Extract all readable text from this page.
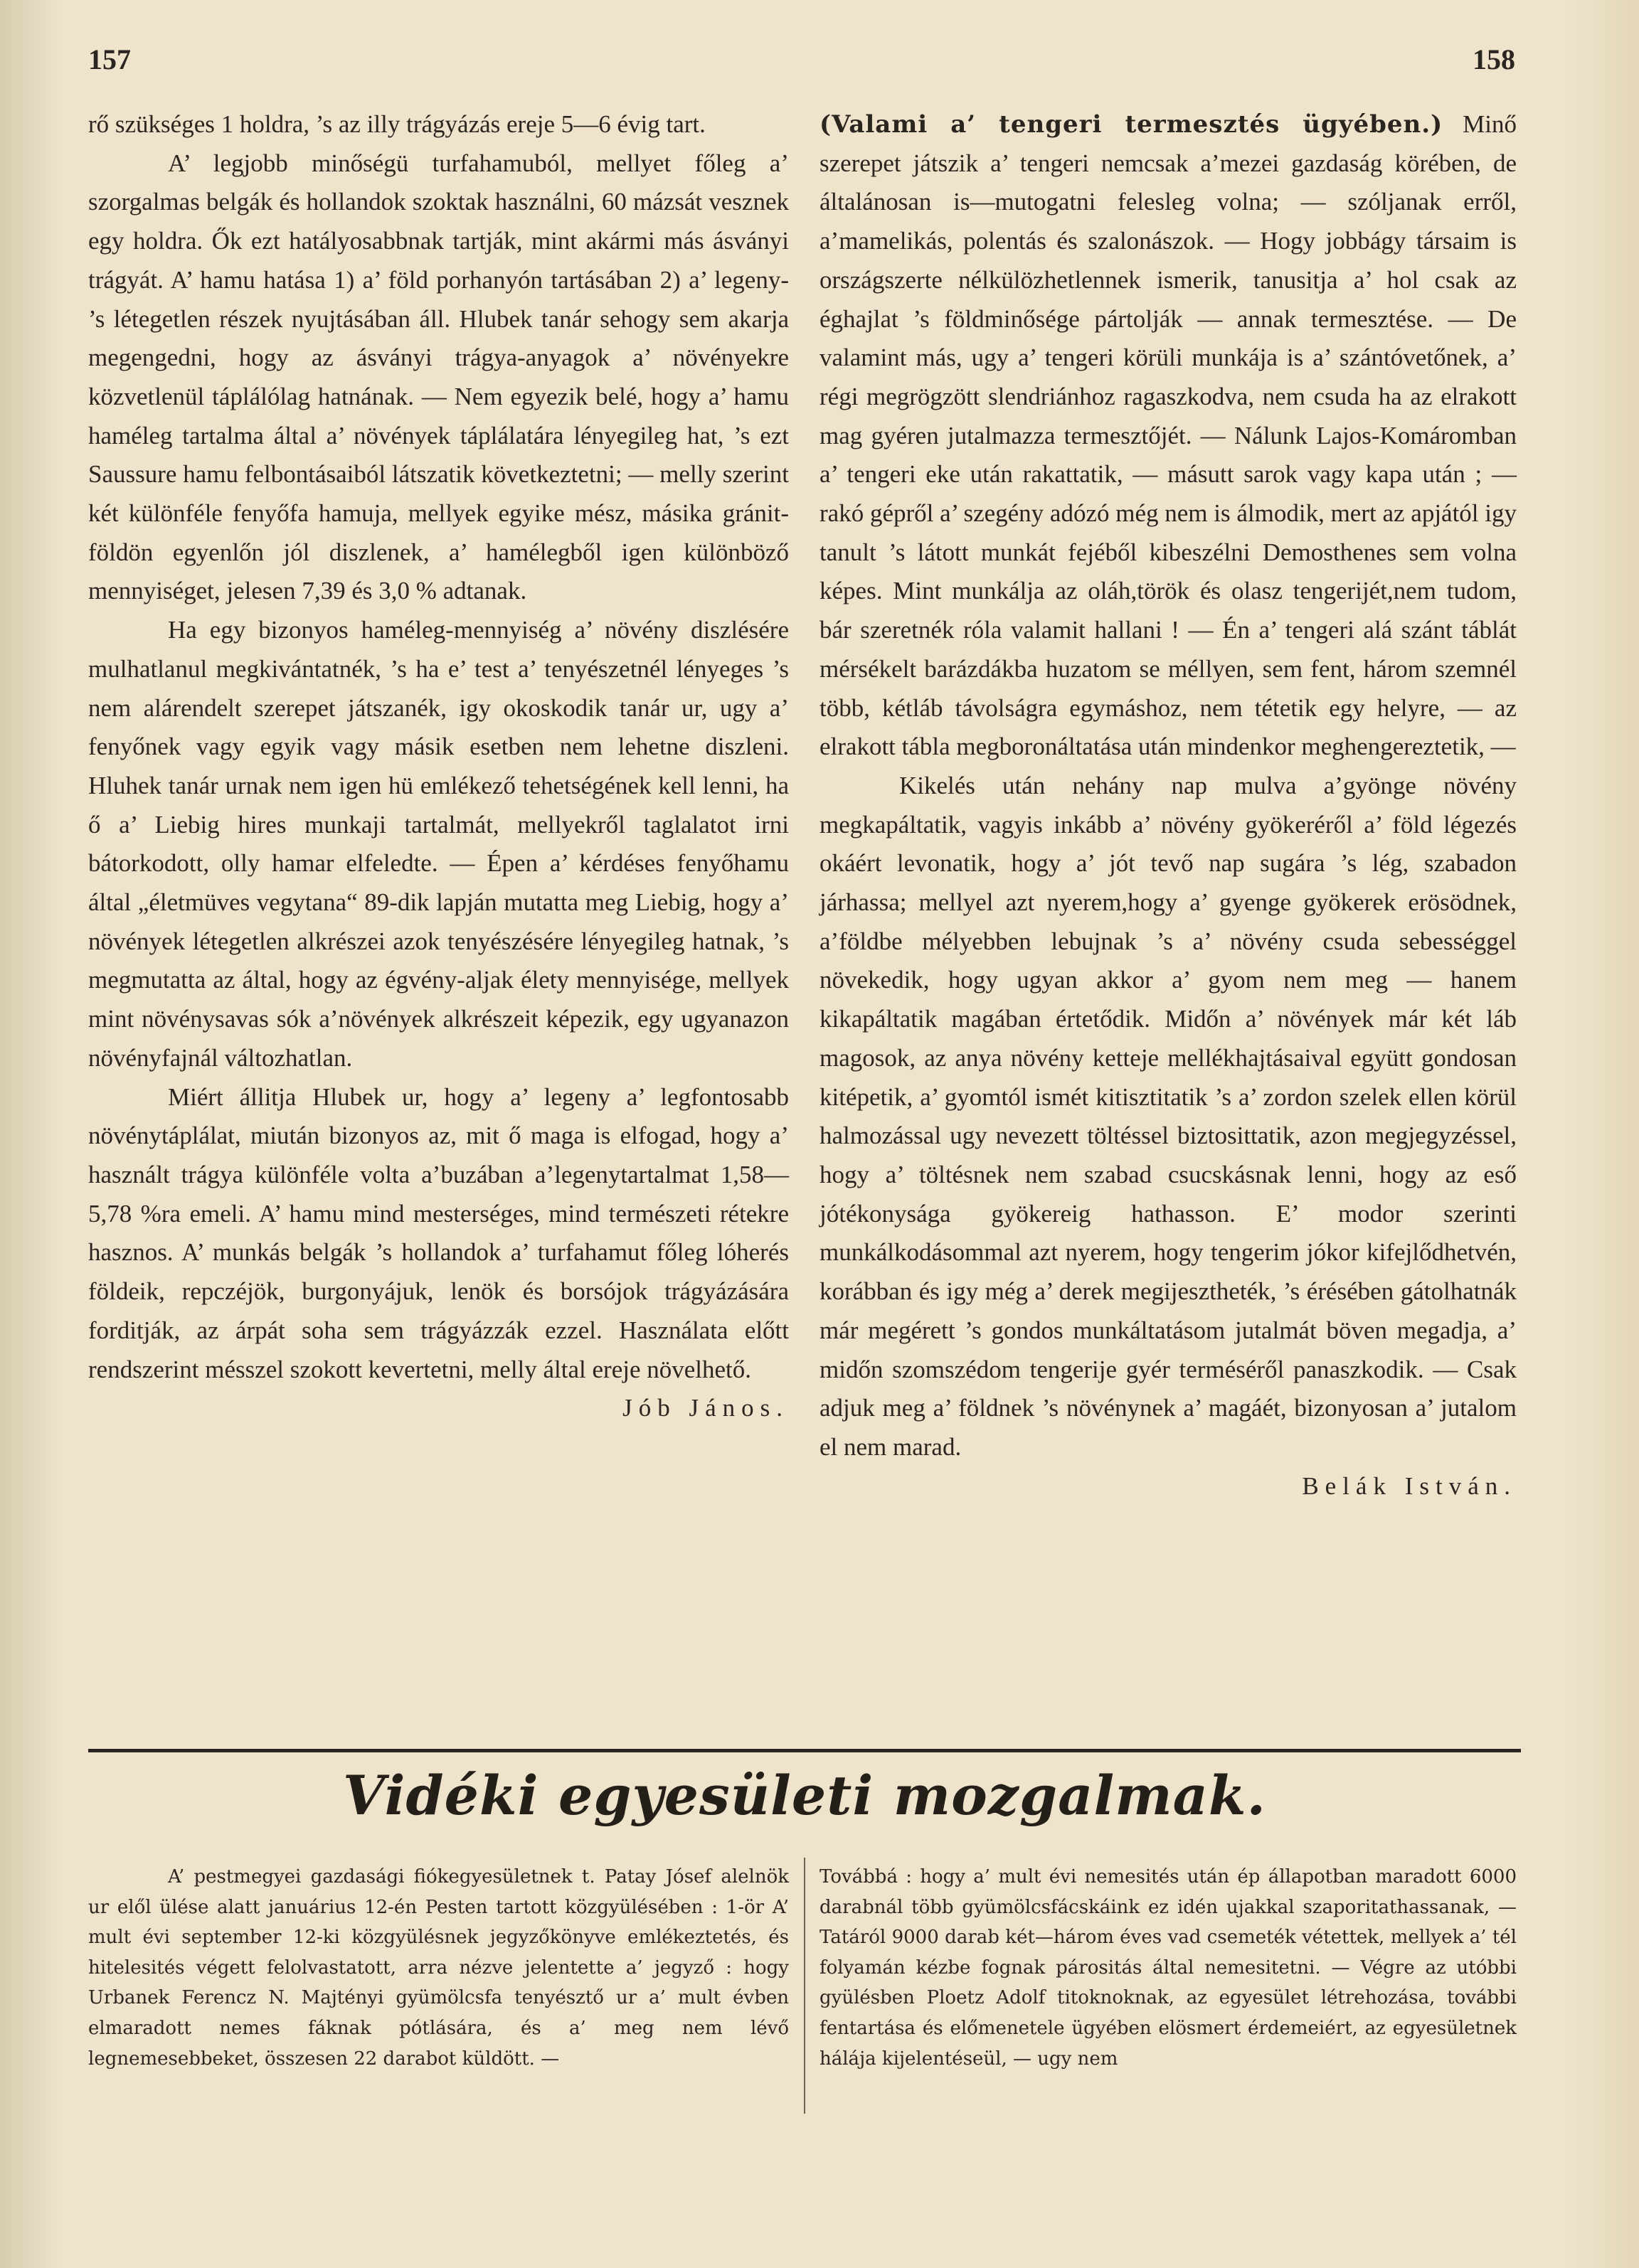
157	158

rő szükséges 1 holdra, ’s az illy trágyázás ereje 5—6 évig tart.

A’ legjobb minőségü turfahamuból, mellyet főleg a’ szorgalmas belgák és hollandok szoktak használni, 60 mázsát vesznek egy holdra. Ők ezt hatályosabbnak tartják, mint akármi más ásványi trágyát. A’ hamu hatása 1) a’ föld porhanyón tartásában 2) a’ legeny- ’s létegetlen részek nyujtásában áll. Hlubek tanár sehogy sem akarja megengedni, hogy az ásványi trágya-anyagok a’ növényekre közvetlenül táplálólag hatnának. — Nem egyezik belé, hogy a’ hamu haméleg tartalma által a’ növények táplálatára lényegileg hat, ’s ezt Saussure hamu felbontásaiból látszatik következtetni; — melly szerint két különféle fenyőfa hamuja, mellyek egyike mész, másika gránit-földön egyenlőn jól diszlenek, a’ hamélegből igen különböző mennyiséget, jelesen 7,39 és 3,0 % adtanak.

Ha egy bizonyos haméleg-mennyiség a’ növény diszlésére mulhatlanul megkivántatnék, ’s ha e’ test a’ tenyészetnél lényeges ’s nem alárendelt szerepet játszanék, igy okoskodik tanár ur, ugy a’ fenyőnek vagy egyik vagy másik esetben nem lehetne diszleni. Hluhek tanár urnak nem igen hü emlékező tehetségének kell lenni, ha ő a’ Liebig hires munkaji tartalmát, mellyekről taglalatot irni bátorkodott, olly hamar elfeledte. — Épen a’ kérdéses fenyőhamu által „életmüves vegytana“ 89-dik lapján mutatta meg Liebig, hogy a’ növények létegetlen alkrészei azok tenyészésére lényegileg hatnak, ’s megmutatta az által, hogy az égvény-aljak élety mennyisége, mellyek mint növénysavas sók a’növények alkrészeit képezik, egy ugyanazon növényfajnál változhatlan.

Miért állitja Hlubek ur, hogy a’ legeny a’ legfontosabb növénytáplálat, miután bizonyos az, mit ő maga is elfogad, hogy a’ használt trágya különféle volta a’buzában a’legenytartalmat 1,58—5,78 %ra emeli. A’ hamu mind mesterséges, mind természeti rétekre hasznos. A’ munkás belgák ’s hollandok a’ turfahamut főleg lóherés földeik, repczéjök, burgonyájuk, lenök és borsójok trágyázására forditják, az árpát soha sem trágyázzák ezzel. Használata előtt rendszerint mésszel szokott kevertetni, melly által ereje növelhető.

Jób János.

(Valami a’ tengeri termesztés ügyében.) Minő szerepet játszik a’ tengeri nemcsak a’mezei gazdaság körében, de általánosan is—mutogatni felesleg volna; — szóljanak erről, a’mamelikás, polentás és szalonászok. — Hogy jobbágy társaim is országszerte nélkülözhetlennek ismerik, tanusitja a’ hol csak az éghajlat ’s földminősége pártolják — annak termesztése. — De valamint más, ugy a’ tengeri körüli munkája is a’ szántóvetőnek, a’ régi megrögzött slendriánhoz ragaszkodva, nem csuda ha az elrakott mag gyéren jutalmazza termesztőjét. — Nálunk Lajos-Komáromban a’ tengeri eke után rakattatik, — másutt sarok vagy kapa után ; — rakó gépről a’ szegény adózó még nem is álmodik, mert az apjától igy tanult ’s látott munkát fejéből kibeszélni Demosthenes sem volna képes. Mint munkálja az oláh,török és olasz tengerijét,nem tudom, bár szeretnék róla valamit hallani ! — Én a’ tengeri alá szánt táblát mérsékelt barázdákba huzatom se méllyen, sem fent, három szemnél több, kétláb távolságra egymáshoz, nem tétetik egy helyre, — az elrakott tábla megboronáltatása után mindenkor meghengereztetik, —

Kikelés után nehány nap mulva a’gyönge növény megkapáltatik, vagyis inkább a’ növény gyökeréről a’ föld légezés okáért levonatik, hogy a’ jót tevő nap sugára ’s lég, szabadon járhassa; mellyel azt nyerem,hogy a’ gyenge gyökerek erösödnek, a’földbe mélyebben lebujnak ’s a’ növény csuda sebességgel növekedik, hogy ugyan akkor a’ gyom nem meg — hanem kikapáltatik magában értetődik. Midőn a’ növények már két láb magosok, az anya növény ketteje mellékhajtásaival együtt gondosan kitépetik, a’ gyomtól ismét kitisztitatik ’s a’ zordon szelek ellen körül halmozással ugy nevezett töltéssel biztosittatik, azon megjegyzéssel, hogy a’ töltésnek nem szabad csucskásnak lenni, hogy az eső jótékonysága gyökereig hathasson. E’ modor szerinti munkálkodásommal azt nyerem, hogy tengerim jókor kifejlődhetvén, korábban és igy még a’ derek megijesztheték, ’s érésében gátolhatnák már megérett ’s gondos munkáltatásom jutalmát böven megadja, a’ midőn szomszédom tengerije gyér terméséről panaszkodik. — Csak adjuk meg a’ földnek ’s növénynek a’ magáét, bizonyosan a’ jutalom el nem marad.

Belák István.
Vidéki egyesületi mozgalmak.

A’ pestmegyei gazdasági fiókegyesületnek t. Patay Jósef alelnök ur elől ülése alatt januárius 12-én Pesten tartott közgyülésében : 1-ör A’ mult évi september 12-ki közgyülésnek jegyzőkönyve emlékeztetés, és hitelesités végett felolvastatott, arra nézve jelentette a’ jegyző : hogy Urbanek Ferencz N. Majtényi gyümölcsfa tenyésztő ur a’ mult évben elmaradott nemes fáknak pótlására, és a’ meg nem lévő legnemesebbeket, összesen 22 darabot küldött. —

Továbbá : hogy a’ mult évi nemesités után ép állapotban maradott 6000 darabnál több gyümölcsfácskáink ez idén ujakkal szaporitathassanak, — Tatáról 9000 darab két—három éves vad csemeték vétettek, mellyek a’ tél folyamán kézbe fognak párositás által nemesitetni. — Végre az utóbbi gyülésben Ploetz Adolf titoknoknak, az egyesület létrehozása, további fentartása és előmenetele ügyében elösmert érdemeiért, az egyesületnek hálája kijelentéseül, — ugy nem
